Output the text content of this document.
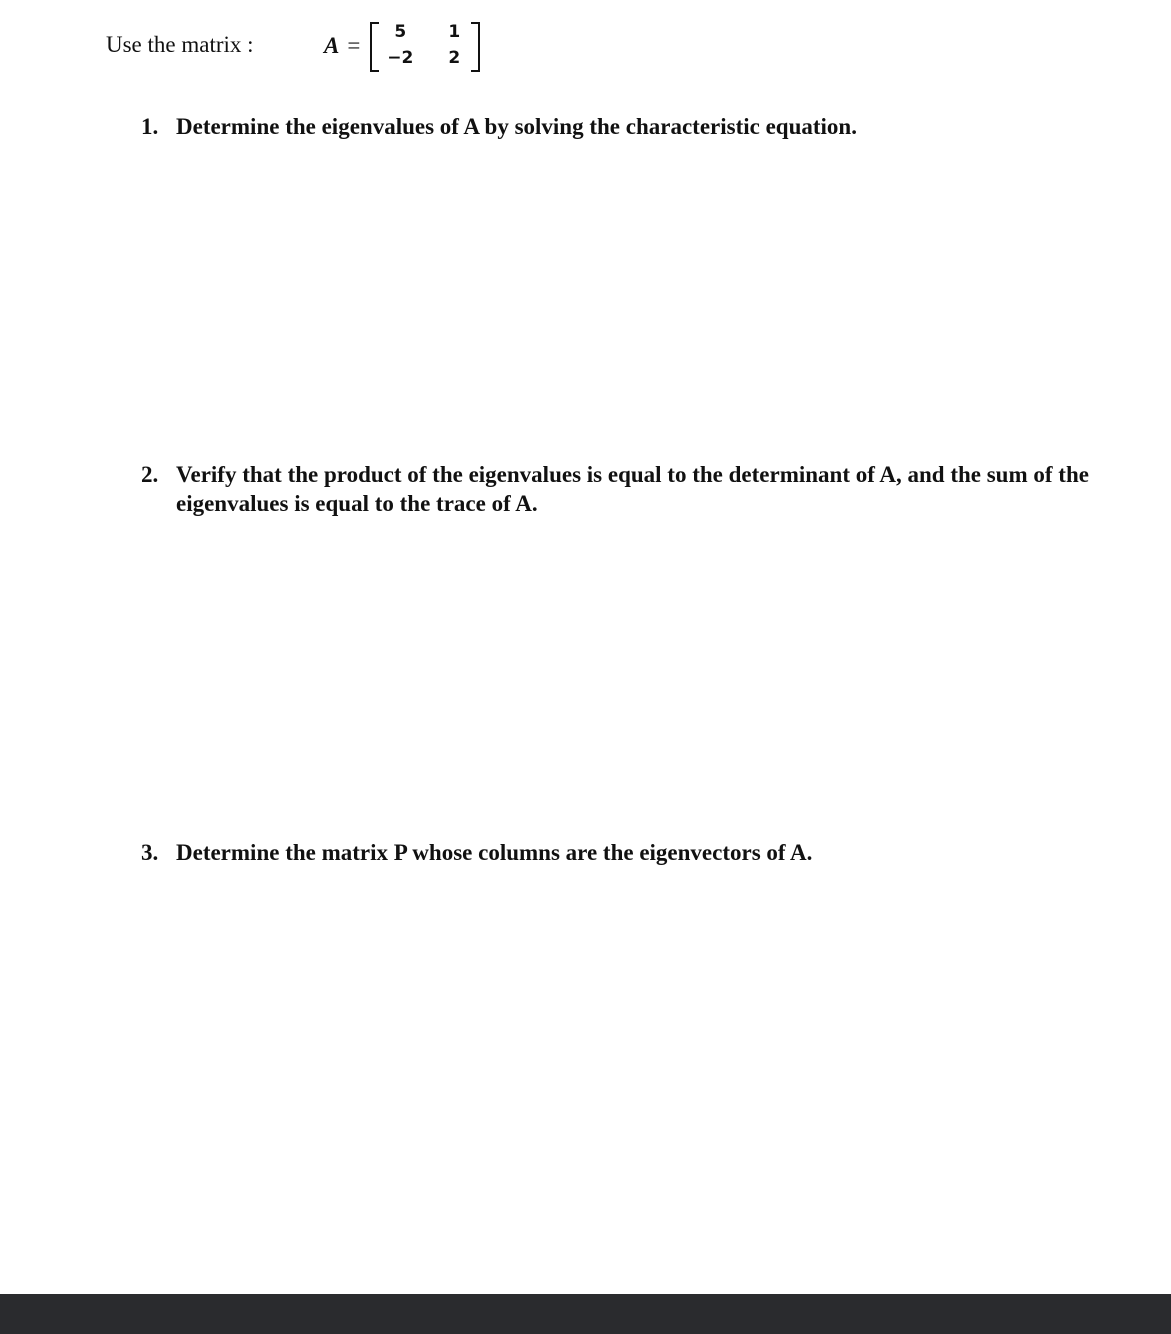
Use the matrix :	A =
5	1
−2	2
1. Determine the eigenvalues of A by solving the characteristic equation.
2. Verify that the product of the eigenvalues is equal to the determinant of A, and the sum of the eigenvalues is equal to the trace of A.
3. Determine the matrix P whose columns are the eigenvectors of A.
